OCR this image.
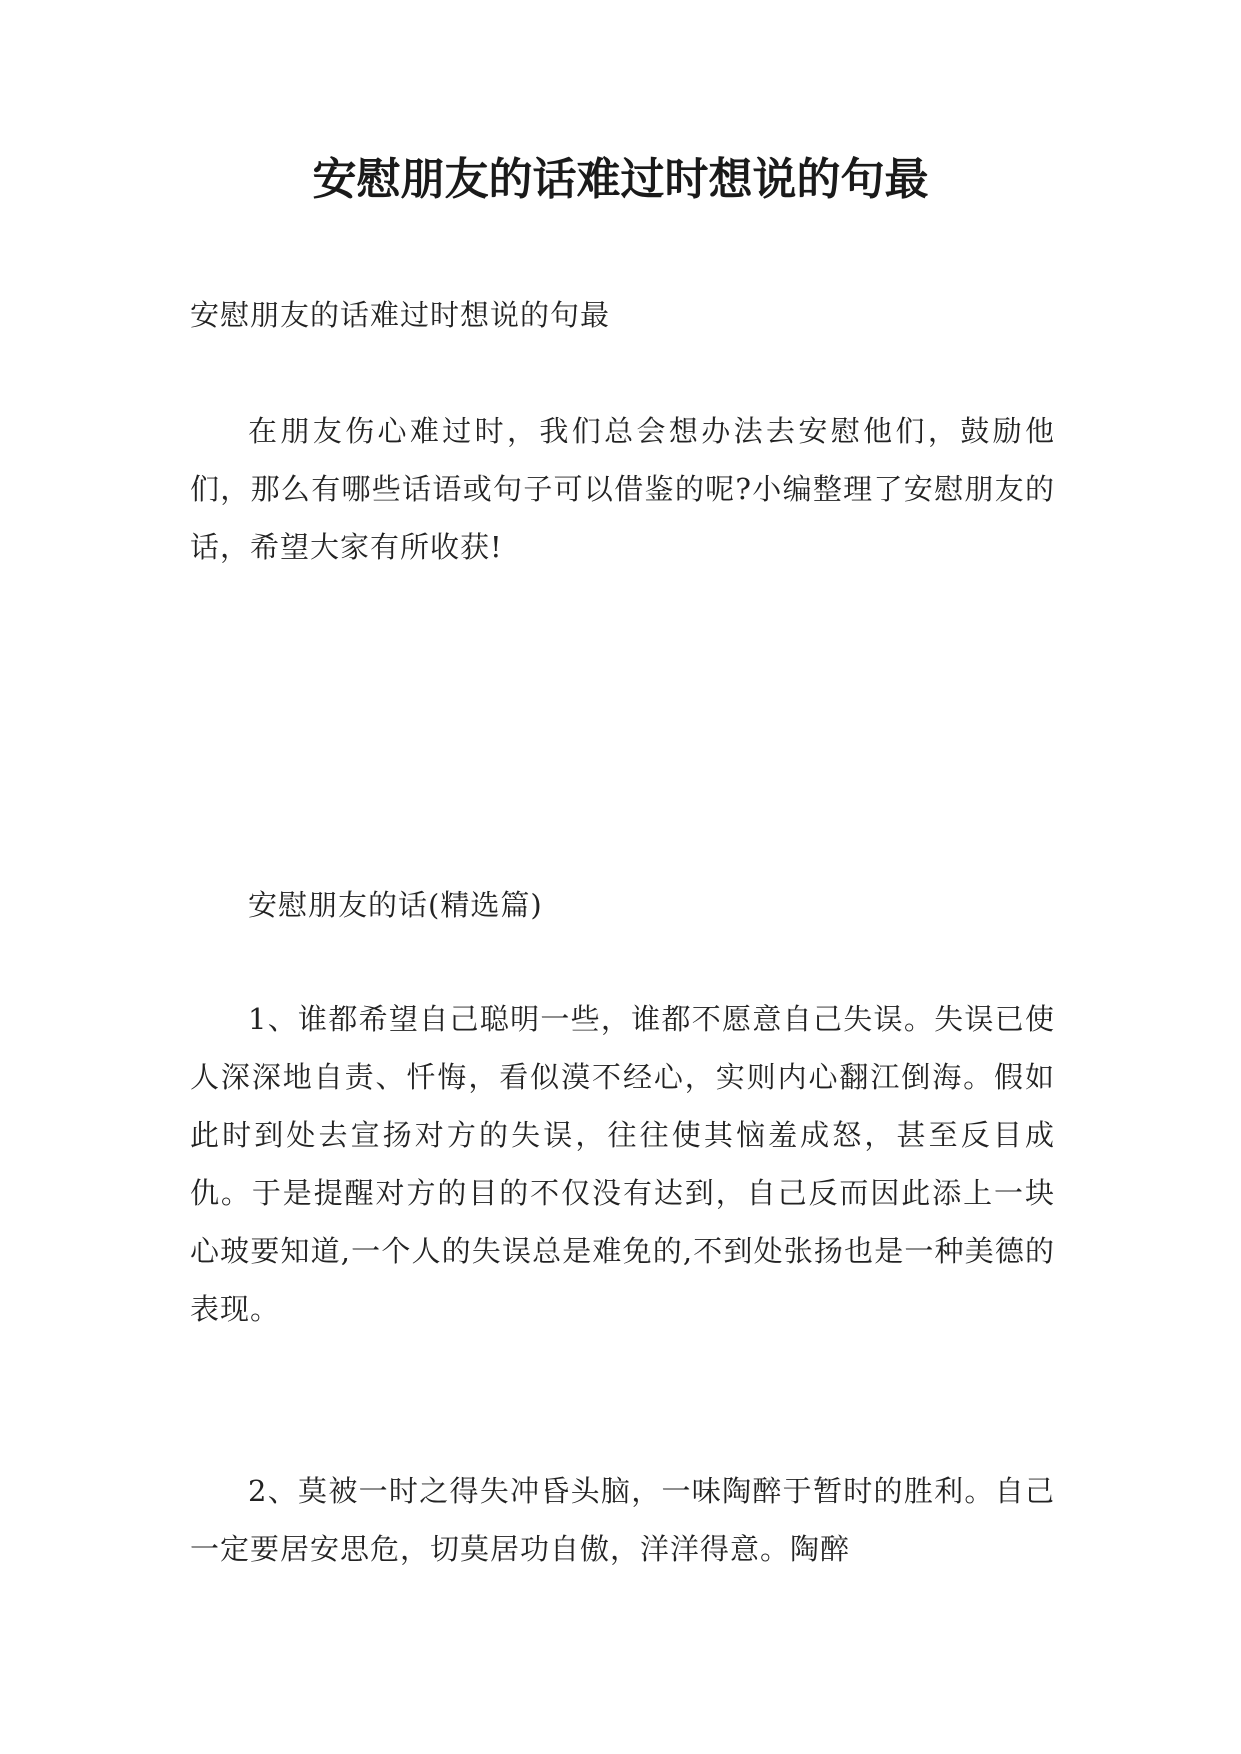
安慰朋友的话难过时想说的句最
安慰朋友的话难过时想说的句最

在朋友伤心难过时，我们总会想办法去安慰他们，鼓励他们，那么有哪些话语或句子可以借鉴的呢?小编整理了安慰朋友的话，希望大家有所收获!

安慰朋友的话(精选篇)

1、谁都希望自己聪明一些，谁都不愿意自己失误。失误已使人深深地自责、忏悔，看似漠不经心，实则内心翻江倒海。假如此时到处去宣扬对方的失误，往往使其恼羞成怒，甚至反目成仇。于是提醒对方的目的不仅没有达到，自己反而因此添上一块心玻要知道,一个人的失误总是难免的,不到处张扬也是一种美德的表现。

2、莫被一时之得失冲昏头脑，一味陶醉于暂时的胜利。自己一定要居安思危，切莫居功自傲，洋洋得意。陶醉
